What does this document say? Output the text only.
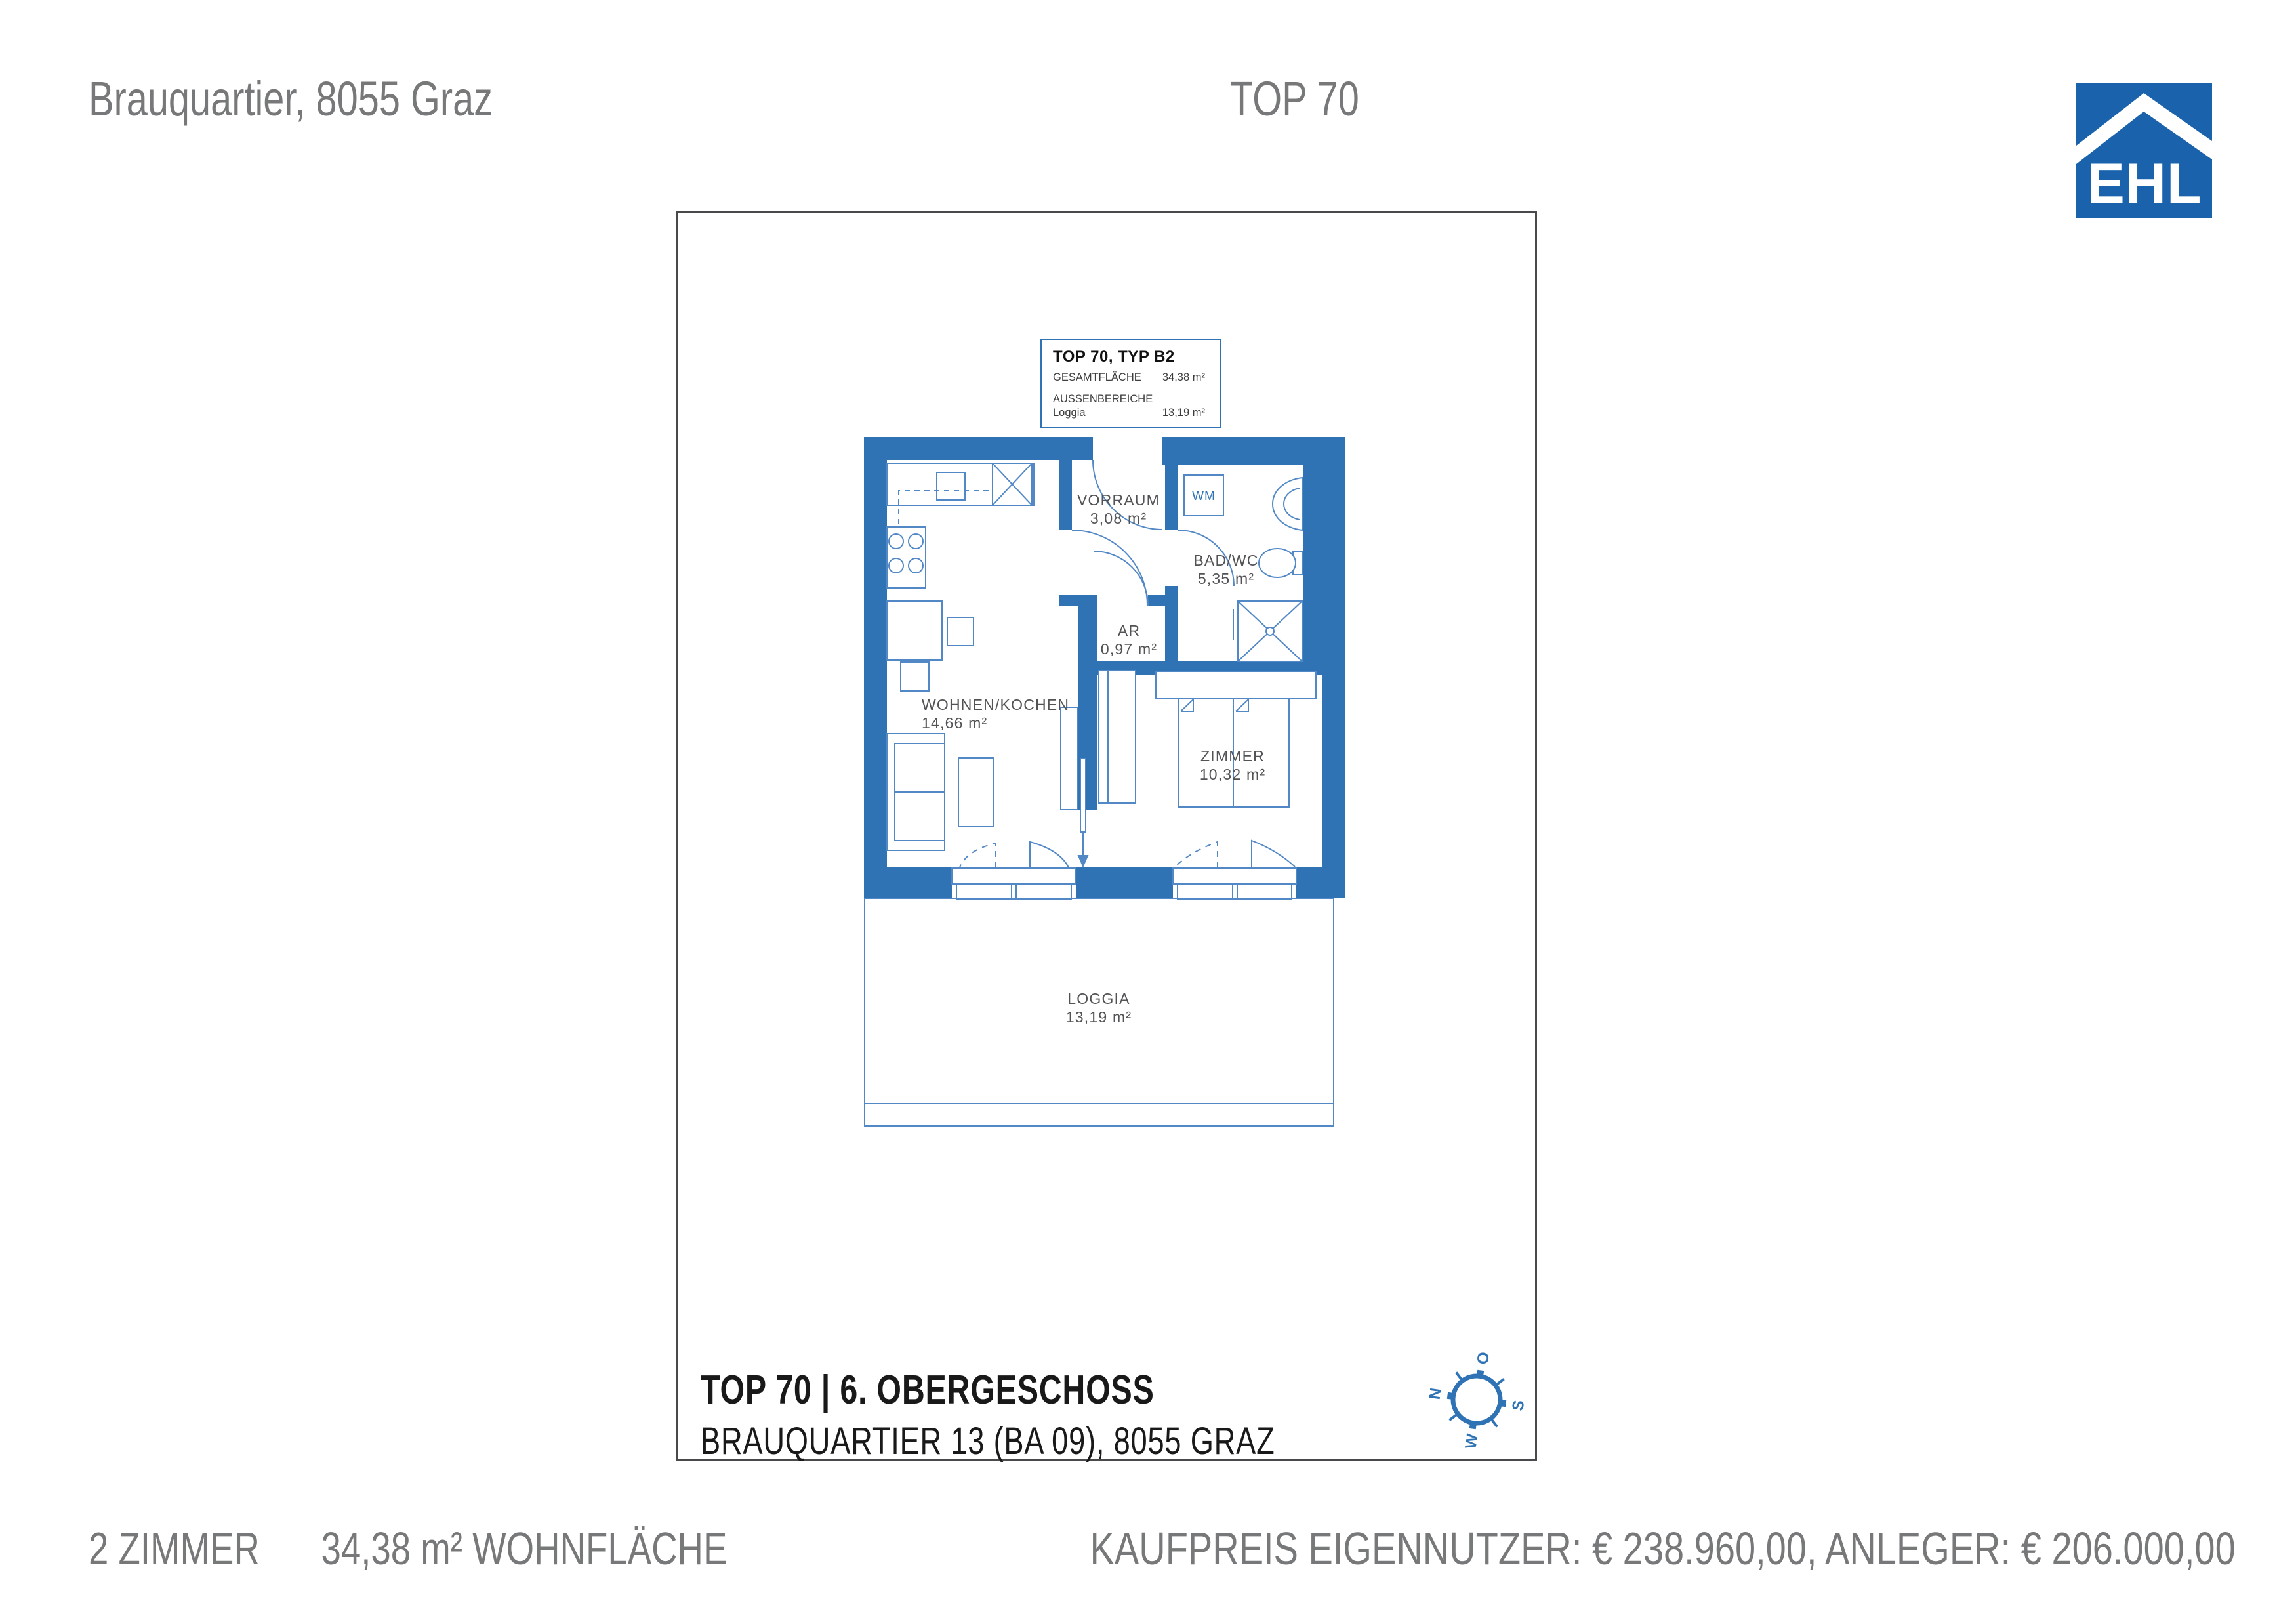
Brauquartier, 8055 Graz	TOP 70
EHL
TOP 70, TYP B2
GESAMTFLÄCHE 34,38 m²
AUSSENBEREICHE
Loggia	13,19 m²
VORRAUM
3,08 m²
BAD/WC
5,35 m²
AR
0,97 m²
WOHNEN/KOCHEN
14,66 m²
ZIMMER
10,32 m²
LOGGIA
13,19 m²
WM
TOP 70 | 6. OBERGESCHOSS
BRAUQUARTIER 13 (BA 09), 8055 GRAZ
N
O
S
W
2 ZIMMER 34,38 m² WOHNFLÄCHE	KAUFPREIS EIGENNUTZER: € 238.960,00, ANLEGER: € 206.000,00
